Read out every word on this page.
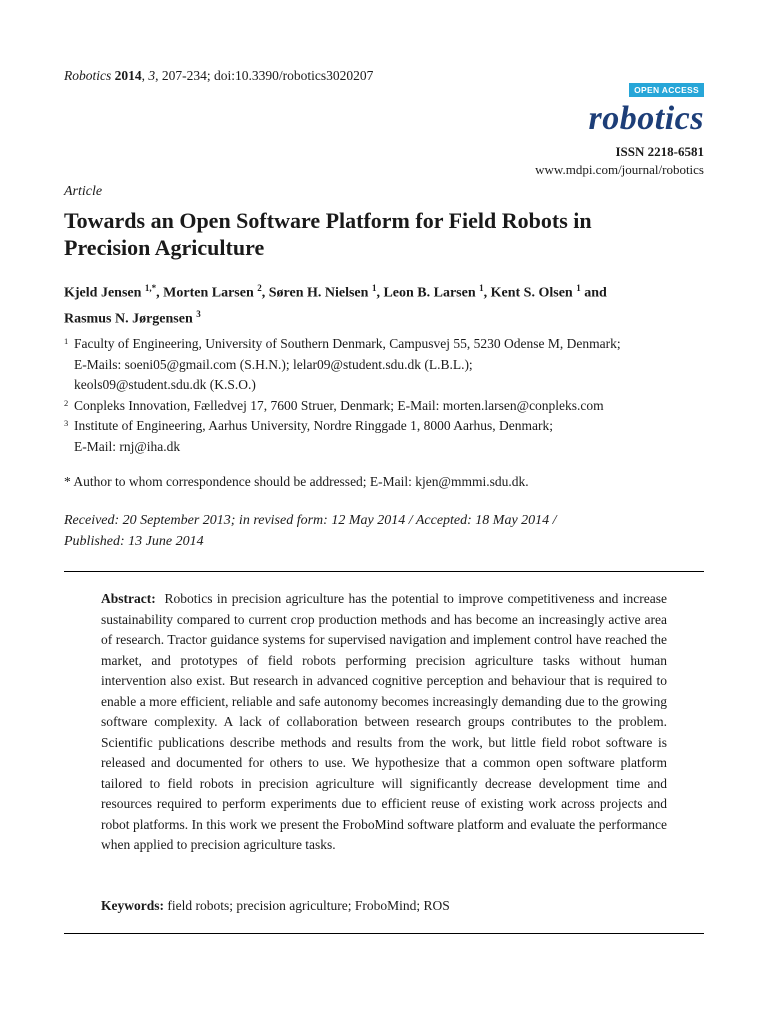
Robotics 2014, 3, 207-234; doi:10.3390/robotics3020207
OPEN ACCESS
robotics
ISSN 2218-6581
www.mdpi.com/journal/robotics
Article
Towards an Open Software Platform for Field Robots in
Precision Agriculture
Kjeld Jensen $^{1,*}$, Morten Larsen $^2$, Søren H. Nielsen $^1$, Leon B. Larsen $^1$, Kent S. Olsen $^1$ and
Rasmus N. Jørgensen $^3$
1 Faculty of Engineering, University of Southern Denmark, Campusvej 55, 5230 Odense M, Denmark;
E-Mails: soeni05@gmail.com (S.H.N.); lelar09@student.sdu.dk (L.B.L.);
keols09@student.sdu.dk (K.S.O.)
2 Conpleks Innovation, Fælledvej 17, 7600 Struer, Denmark; E-Mail: morten.larsen@conpleks.com
3 Institute of Engineering, Aarhus University, Nordre Ringgade 1, 8000 Aarhus, Denmark;
E-Mail: rnj@iha.dk
* Author to whom correspondence should be addressed; E-Mail: kjen@mmmi.sdu.dk.
Received: 20 September 2013; in revised form: 12 May 2014 / Accepted: 18 May 2014 /
Published: 13 June 2014
Abstract: Robotics in precision agriculture has the potential to improve competitiveness and increase sustainability compared to current crop production methods and has become an increasingly active area of research. Tractor guidance systems for supervised navigation and implement control have reached the market, and prototypes of field robots performing precision agriculture tasks without human intervention also exist. But research in advanced cognitive perception and behaviour that is required to enable a more efficient, reliable and safe autonomy becomes increasingly demanding due to the growing software complexity. A lack of collaboration between research groups contributes to the problem. Scientific publications describe methods and results from the work, but little field robot software is released and documented for others to use. We hypothesize that a common open software platform tailored to field robots in precision agriculture will significantly decrease development time and resources required to perform experiments due to efficient reuse of existing work across projects and robot platforms. In this work we present the FroboMind software platform and evaluate the performance when applied to precision agriculture tasks.
Keywords: field robots; precision agriculture; FroboMind; ROS
